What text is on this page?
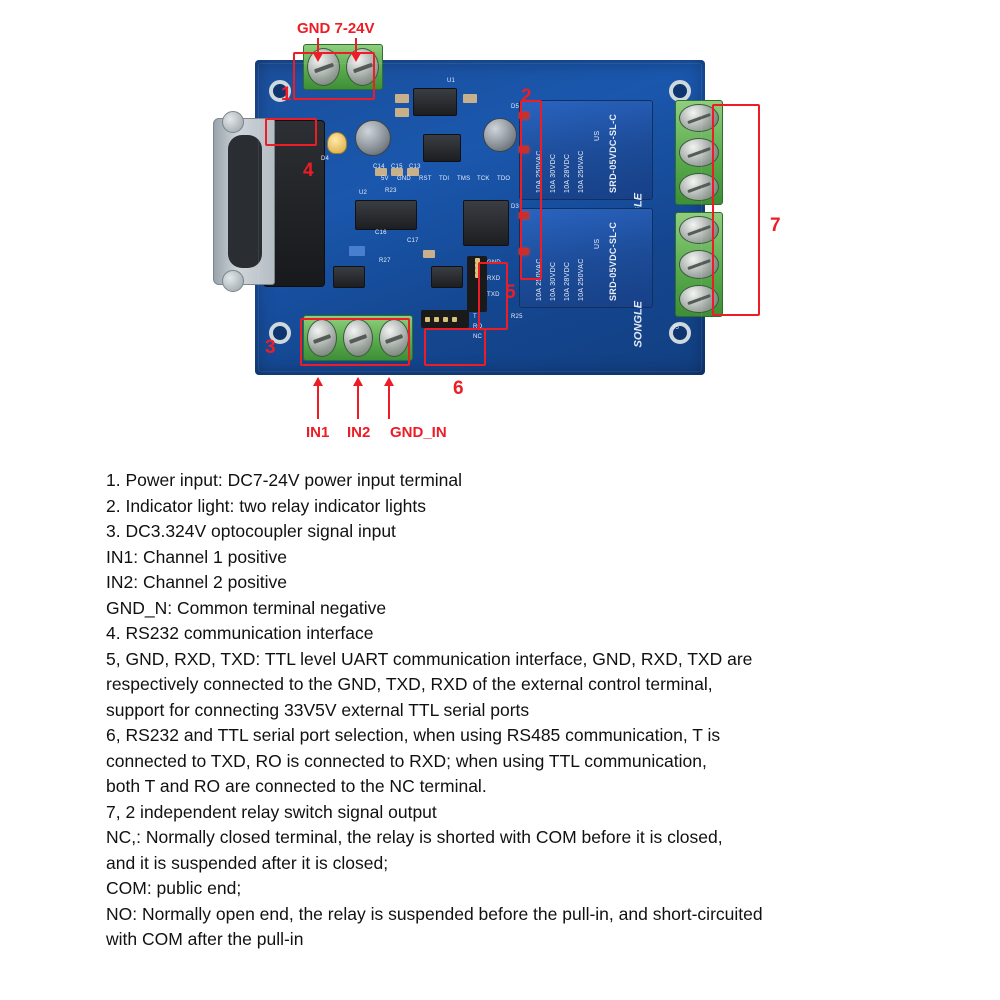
10A 250VAC 10A 30VDC 10A 28VDC 10A 250VAC	SRD-05VDC-SL-C
US
10A 250VAC 10A 30VDC 10A 28VDC 10A 250VAC	SRD-05VDC-SL-C
SONGLE
US
U1
5V GND RST TDI TMS TCK TDO
C14 C15 C13
R23
C16
C17
U2
R27
D4
D5
D3
R25
J5
T
RO
NC
GND
RXD
TXD
1	2
4
5
6
7
3
GND 7-24V
IN1 IN2 GND_IN

1. Power input: DC7-24V power input terminal

2. Indicator light: two relay indicator lights

3. DC3.324V optocoupler signal input

IN1: Channel 1 positive

IN2: Channel 2 positive

GND_N: Common terminal negative

4. RS232 communication interface

5, GND, RXD, TXD: TTL level UART communication interface, GND, RXD, TXD are

respectively connected to the GND, TXD, RXD of the external control terminal,

support for connecting 33V5V external TTL serial ports

6, RS232 and TTL serial port selection, when using RS485 communication, T is

connected to TXD, RO is connected to RXD; when using TTL communication,

both T and RO are connected to the NC terminal.

7, 2 independent relay switch signal output

NC,: Normally closed terminal, the relay is shorted with COM before it is closed,

and it is suspended after it is closed;

COM: public end;

NO: Normally open end, the relay is suspended before the pull-in, and short-circuited

with COM after the pull-in
